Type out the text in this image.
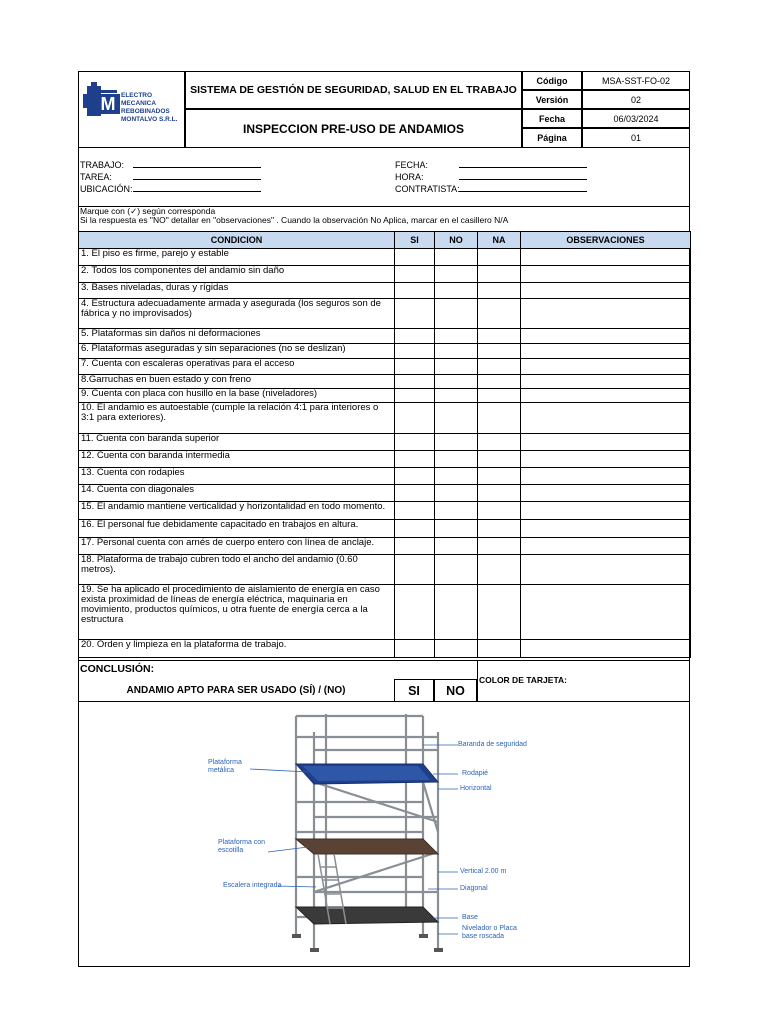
M ELECTRO MECANICA
REBOBINADOS
MONTALVO S.R.L.
SISTEMA DE GESTIÓN DE SEGURIDAD, SALUD EN EL TRABAJO
INSPECCION PRE-USO DE ANDAMIOS
Código	MSA-SST-FO-02
Versión	02
Fecha	06/03/2024
Página	01
TRABAJO:
TAREA:
UBICACIÓN:
FECHA:
HORA:
CONTRATISTA:
Marque con (✓) según corresponda
Si la respuesta es "NO" detallar en "observaciones" . Cuando la observación No Aplica, marcar en el casillero N/A
CONDICION	SI	NO	NA	OBSERVACIONES
1. El piso es firme, parejo y estable				
2. Todos los componentes del andamio sin daño				
3. Bases niveladas, duras y rígidas				
4. Estructura adecuadamente armada y asegurada (los seguros son de fábrica y no improvisados)				
5. Plataformas sin daños ni deformaciones				
6. Plataformas aseguradas y sin separaciones (no se deslizan)				
7. Cuenta con escaleras operativas para el acceso				
8.Garruchas en buen estado y con freno				
9. Cuenta con placa con husillo en la base (niveladores)				
10. El andamio es autoestable (cumple la relación 4:1 para interiores o 3:1 para exteriores).				
11. Cuenta con baranda superior				
12. Cuenta con baranda intermedia				
13. Cuenta con rodapies				
14. Cuenta con diagonales				
15. El andamio mantiene verticalidad y horizontalidad en todo momento.				
16. El personal fue debidamente capacitado en trabajos en altura.				
17. Personal cuenta con arnés de cuerpo entero con línea de anclaje.				
18. Plataforma de trabajo cubren todo el ancho del andamio (0.60 metros).				
19. Se ha aplicado el procedimiento de aislamiento de energía en caso exista proximidad de líneas de energía eléctrica, maquinaria en movimiento, productos químicos, u otra fuente de energía cerca a la estructura				
20. Orden y limpieza en la plataforma de trabajo.				
CONCLUSIÓN:
ANDAMIO APTO PARA SER USADO (SÍ) / (NO)	SI	NO
COLOR DE TARJETA:
Plataforma metálica
Plataforma con escotilla
Escalera integrada
Baranda de seguridad
Rodapié
Horizontal
Vertical 2.00 m
Diagonal
Base
Nivelador o Placa base roscada
